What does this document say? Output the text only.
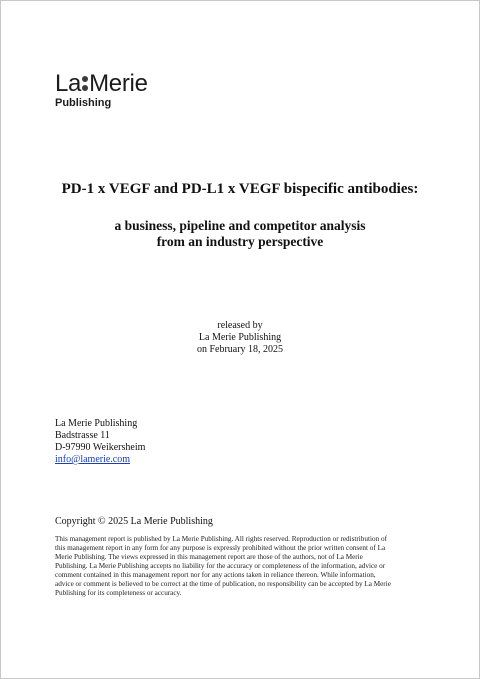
La Merie
Publishing
PD-1 x VEGF and PD-L1 x VEGF bispecific antibodies:
a business, pipeline and competitor analysis
from an industry perspective
released by
La Merie Publishing
on February 18, 2025
La Merie Publishing
Badstrasse 11
D-97990 Weikersheim
info@lamerie.com
Copyright © 2025 La Merie Publishing
This management report is published by La Merie Publishing. All rights reserved. Reproduction or redistribution of
this management report in any form for any purpose is expressly prohibited without the prior written consent of La
Merie Publishing. The views expressed in this management report are those of the authors, not of La Merie
Publishing. La Merie Publishing accepts no liability for the accuracy or completeness of the information, advice or
comment contained in this management report nor for any actions taken in reliance thereon. While information,
advice or comment is believed to be correct at the time of publication, no responsibility can be accepted by La Merie
Publishing for its completeness or accuracy.
